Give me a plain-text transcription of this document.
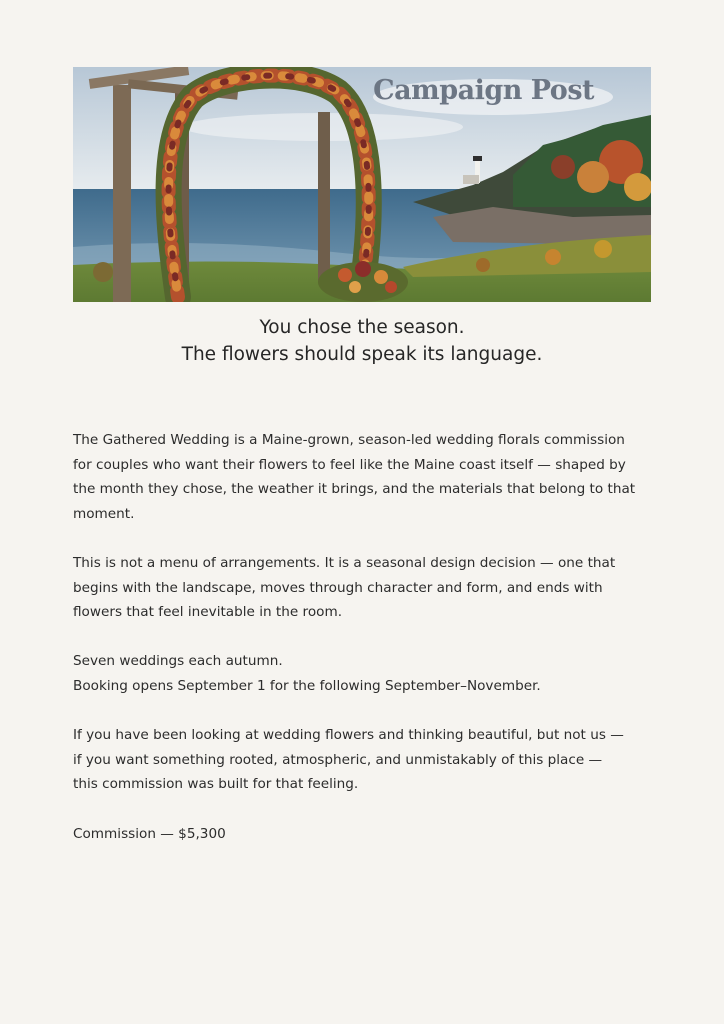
Campaign Post
You chose the season.
The flowers should speak its language.

The Gathered Wedding is a Maine-grown, season-led wedding florals commission
for couples who want their flowers to feel like the Maine coast itself — shaped by
the month they chose, the weather it brings, and the materials that belong to that
moment.

This is not a menu of arrangements. It is a seasonal design decision — one that
begins with the landscape, moves through character and form, and ends with
flowers that feel inevitable in the room.

Seven weddings each autumn.
Booking opens September 1 for the following September–November.

If you have been looking at wedding flowers and thinking beautiful, but not us —
if you want something rooted, atmospheric, and unmistakably of this place —
this commission was built for that feeling.

Commission — $5,300
